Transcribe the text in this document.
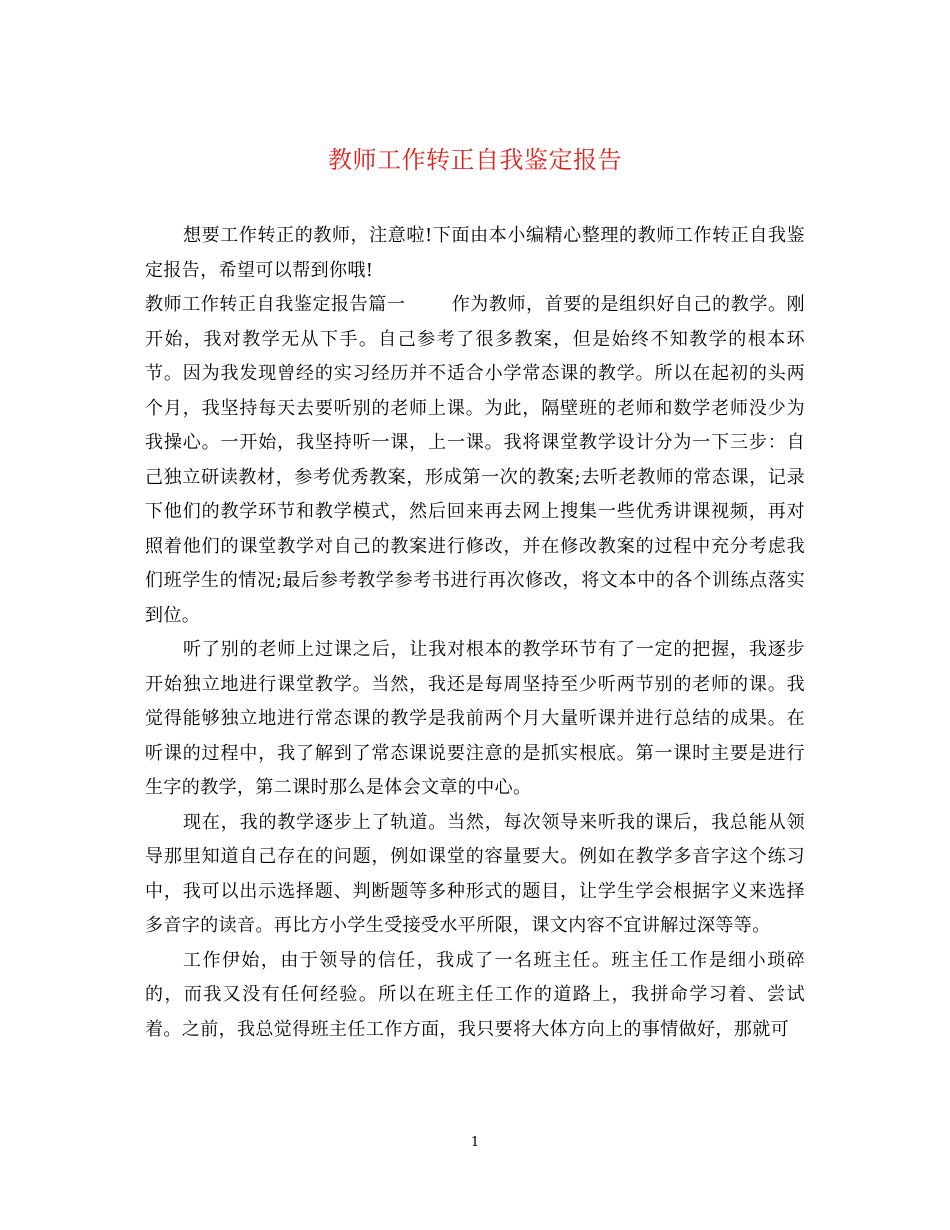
教师工作转正自我鉴定报告

想要工作转正的教师，注意啦!下面由本小编精心整理的教师工作转正自我鉴定报告，希望可以帮到你哦!

教师工作转正自我鉴定报告篇一	作为教师，首要的是组织好自己的教学。刚开始，我对教学无从下手。自己参考了很多教案，但是始终不知教学的根本环节。因为我发现曾经的实习经历并不适合小学常态课的教学。所以在起初的头两个月，我坚持每天去要听别的老师上课。为此，隔壁班的老师和数学老师没少为我操心。一开始，我坚持听一课，上一课。我将课堂教学设计分为一下三步：自己独立研读教材，参考优秀教案，形成第一次的教案;去听老教师的常态课，记录下他们的教学环节和教学模式，然后回来再去网上搜集一些优秀讲课视频，再对照着他们的课堂教学对自己的教案进行修改，并在修改教案的过程中充分考虑我们班学生的情况;最后参考教学参考书进行再次修改，将文本中的各个训练点落实到位。

听了别的老师上过课之后，让我对根本的教学环节有了一定的把握，我逐步开始独立地进行课堂教学。当然，我还是每周坚持至少听两节别的老师的课。我觉得能够独立地进行常态课的教学是我前两个月大量听课并进行总结的成果。在听课的过程中，我了解到了常态课说要注意的是抓实根底。第一课时主要是进行生字的教学，第二课时那么是体会文章的中心。

现在，我的教学逐步上了轨道。当然，每次领导来听我的课后，我总能从领导那里知道自己存在的问题，例如课堂的容量要大。例如在教学多音字这个练习中，我可以出示选择题、判断题等多种形式的题目，让学生学会根据字义来选择多音字的读音。再比方小学生受接受水平所限，课文内容不宜讲解过深等等。

工作伊始，由于领导的信任，我成了一名班主任。班主任工作是细小琐碎的，而我又没有任何经验。所以在班主任工作的道路上，我拼命学习着、尝试着。之前，我总觉得班主任工作方面，我只要将大体方向上的事情做好，那就可

1
